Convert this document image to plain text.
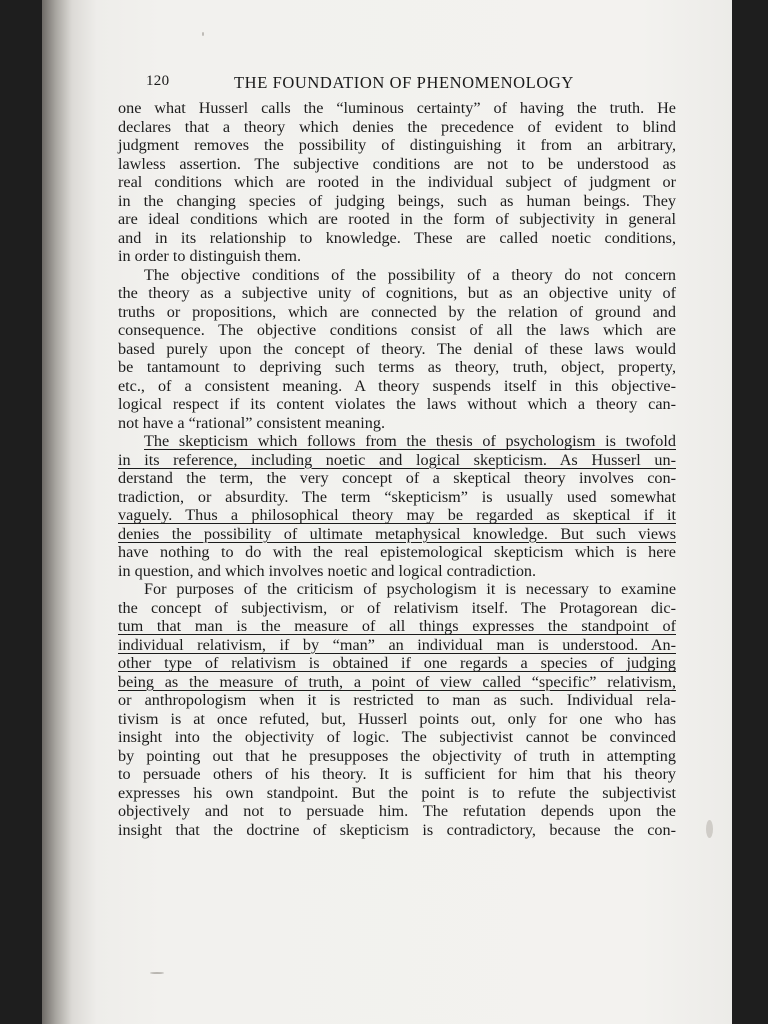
120	THE FOUNDATION OF PHENOMENOLOGY

one what Husserl calls the “luminous certainty” of having the truth. He
declares that a theory which denies the precedence of evident to blind
judgment removes the possibility of distinguishing it from an arbitrary,
lawless assertion. The subjective conditions are not to be understood as
real conditions which are rooted in the individual subject of judgment or
in the changing species of judging beings, such as human beings. They
are ideal conditions which are rooted in the form of subjectivity in general
and in its relationship to knowledge. These are called noetic conditions,
in order to distinguish them.

The objective conditions of the possibility of a theory do not concern
the theory as a subjective unity of cognitions, but as an objective unity of
truths or propositions, which are connected by the relation of ground and
consequence. The objective conditions consist of all the laws which are
based purely upon the concept of theory. The denial of these laws would
be tantamount to depriving such terms as theory, truth, object, property,
etc., of a consistent meaning. A theory suspends itself in this objective-
logical respect if its content violates the laws without which a theory can-
not have a “rational” consistent meaning.

The skepticism which follows from the thesis of psychologism is twofold
in its reference, including noetic and logical skepticism. As Husserl un-
derstand the term, the very concept of a skeptical theory involves con-
tradiction, or absurdity. The term “skepticism” is usually used somewhat
vaguely. Thus a philosophical theory may be regarded as skeptical if it
denies the possibility of ultimate metaphysical knowledge. But such views
have nothing to do with the real epistemological skepticism which is here
in question, and which involves noetic and logical contradiction.

For purposes of the criticism of psychologism it is necessary to examine
the concept of subjectivism, or of relativism itself. The Protagorean dic-
tum that man is the measure of all things expresses the standpoint of
individual relativism, if by “man” an individual man is understood. An-
other type of relativism is obtained if one regards a species of judging
being as the measure of truth, a point of view called “specific” relativism,
or anthropologism when it is restricted to man as such. Individual rela-
tivism is at once refuted, but, Husserl points out, only for one who has
insight into the objectivity of logic. The subjectivist cannot be convinced
by pointing out that he presupposes the objectivity of truth in attempting
to persuade others of his theory. It is sufficient for him that his theory
expresses his own standpoint. But the point is to refute the subjectivist
objectively and not to persuade him. The refutation depends upon the
insight that the doctrine of skepticism is contradictory, because the con-
